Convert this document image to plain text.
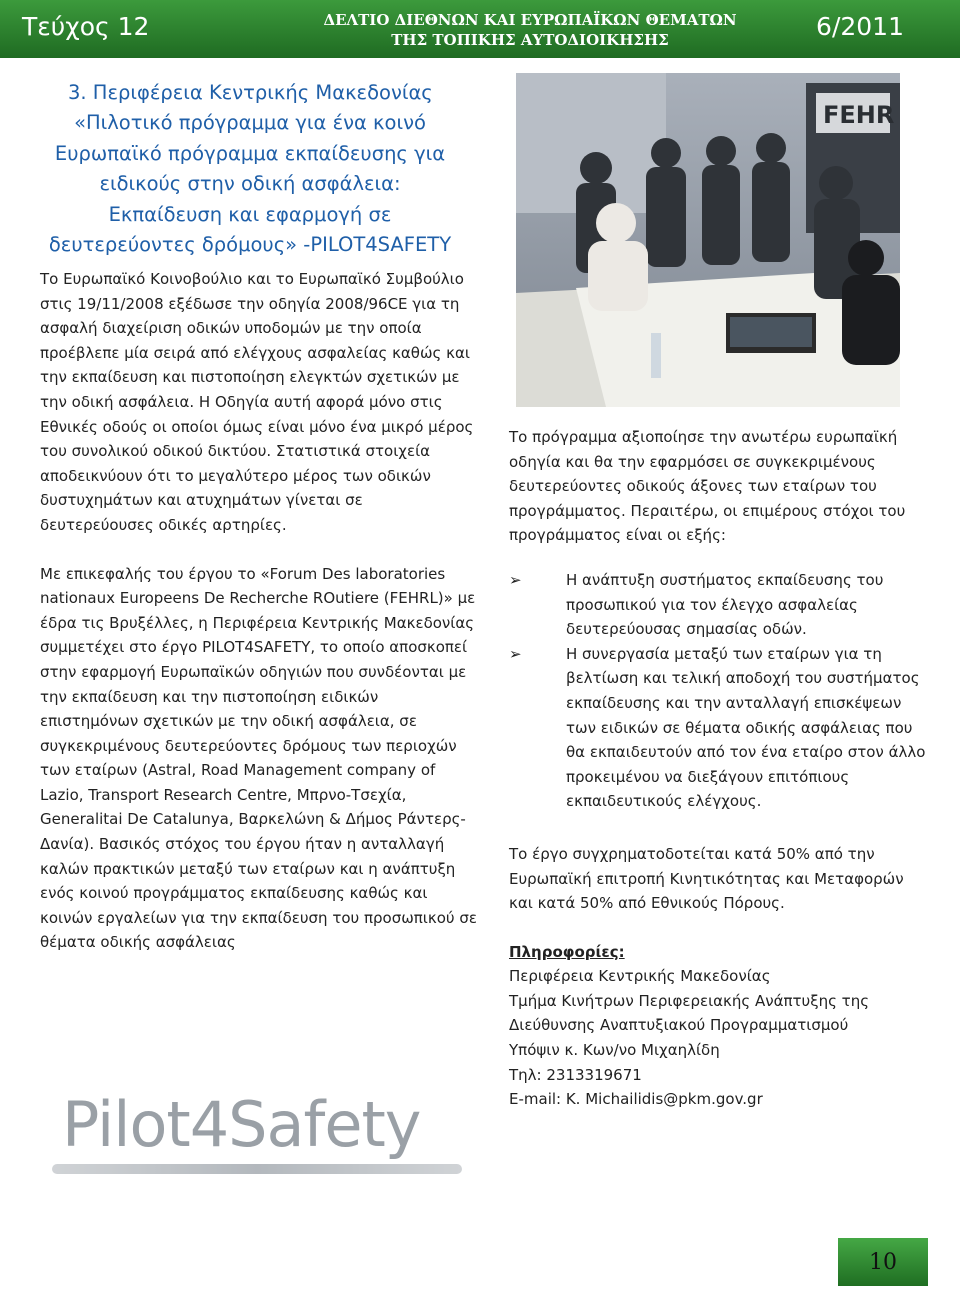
Τεύχος 12	ΔΕΛΤΙΟ ΔΙΕΘΝΩΝ ΚΑΙ ΕΥΡΩΠΑΪΚΩΝ ΘΕΜΑΤΩΝ
ΤΗΣ ΤΟΠΙΚΗΣ ΑΥΤΟΔΙΟΙΚΗΣΗΣ	6/2011
3. Περιφέρεια Κεντρικής Μακεδονίας
«Πιλοτικό πρόγραμμα για ένα κοινό
Ευρωπαϊκό πρόγραμμα εκπαίδευσης για
ειδικούς στην οδική ασφάλεια:
Εκπαίδευση και εφαρμογή σε
δευτερεύοντες δρόμους» -PILOT4SAFETY

Το Ευρωπαϊκό Κοινοβούλιο και το Ευρωπαϊκό Συμβούλιο στις 19/11/2008 εξέδωσε την οδηγία 2008/96CE για τη ασφαλή διαχείριση οδικών υποδομών με την οποία προέβλεπε μία σειρά από ελέγχους ασφαλείας καθώς και την εκπαίδευση και πιστοποίηση ελεγκτών σχετικών με την οδική ασφάλεια. Η Οδηγία αυτή αφορά μόνο στις Εθνικές οδούς οι οποίοι όμως είναι μόνο ένα μικρό μέρος του συνολικού οδικού δικτύου. Στατιστικά στοιχεία αποδεικνύουν ότι το μεγαλύτερο μέρος των οδικών δυστυχημάτων και ατυχημάτων γίνεται σε δευτερεύουσες οδικές αρτηρίες.

Με επικεφαλής του έργου το «Forum Des laboratories nationaux Europeens De Recherche ROutiere (FEHRL)» με έδρα τις Βρυξέλλες, η Περιφέρεια Κεντρικής Μακεδονίας συμμετέχει στο έργο PILOT4SAFETY, το οποίο αποσκοπεί στην εφαρμογή Ευρωπαϊκών οδηγιών που συνδέονται με την εκπαίδευση και την πιστοποίηση ειδικών επιστημόνων σχετικών με την οδική ασφάλεια, σε συγκεκριμένους δευτερεύοντες δρόμους των περιοχών των εταίρων (Astral, Road Management company of Lazio, Transport Research Centre, Μπρνο-Τσεχία, Generalitai De Catalunya, Βαρκελώνη & Δήμος Ράντερς-Δανία). Βασικός στόχος του έργου ήταν η ανταλλαγή καλών πρακτικών μεταξύ των εταίρων και η ανάπτυξη ενός κοινού προγράμματος εκπαίδευσης καθώς και κοινών εργαλείων για την εκπαίδευση του προσωπικού σε θέματα οδικής ασφάλειας

FEHR

Το πρόγραμμα αξιοποίησε την ανωτέρω ευρωπαϊκή οδηγία και θα την εφαρμόσει σε συγκεκριμένους δευτερεύοντες οδικούς άξονες των εταίρων του προγράμματος. Περαιτέρω, οι επιμέρους στόχοι του προγράμματος είναι οι εξής:

➢	Η ανάπτυξη συστήματος εκπαίδευσης του προσωπικού για τον έλεγχο ασφαλείας δευτερεύουσας σημασίας οδών.
➢	Η συνεργασία μεταξύ των εταίρων για τη βελτίωση και τελική αποδοχή του συστήματος εκπαίδευσης και την ανταλλαγή επισκέψεων των ειδικών σε θέματα οδικής ασφάλειας που θα εκπαιδευτούν από τον ένα εταίρο στον άλλο προκειμένου να διεξάγουν επιτόπιους εκπαιδευτικούς ελέγχους.

Το έργο συγχρηματοδοτείται κατά 50% από την Ευρωπαϊκή επιτροπή Κινητικότητας και Μεταφορών και κατά 50% από Εθνικούς Πόρους.

Πληροφορίες:

Περιφέρεια Κεντρικής Μακεδονίας

Τμήμα Κινήτρων Περιφερειακής Ανάπτυξης της Διεύθυνσης Αναπτυξιακού Προγραμματισμού

Υπόψιν κ. Κων/νο Μιχαηλίδη

Τηλ: 2313319671

E-mail: K. Michailidis@pkm.gov.gr

Pilot4Safety
10
